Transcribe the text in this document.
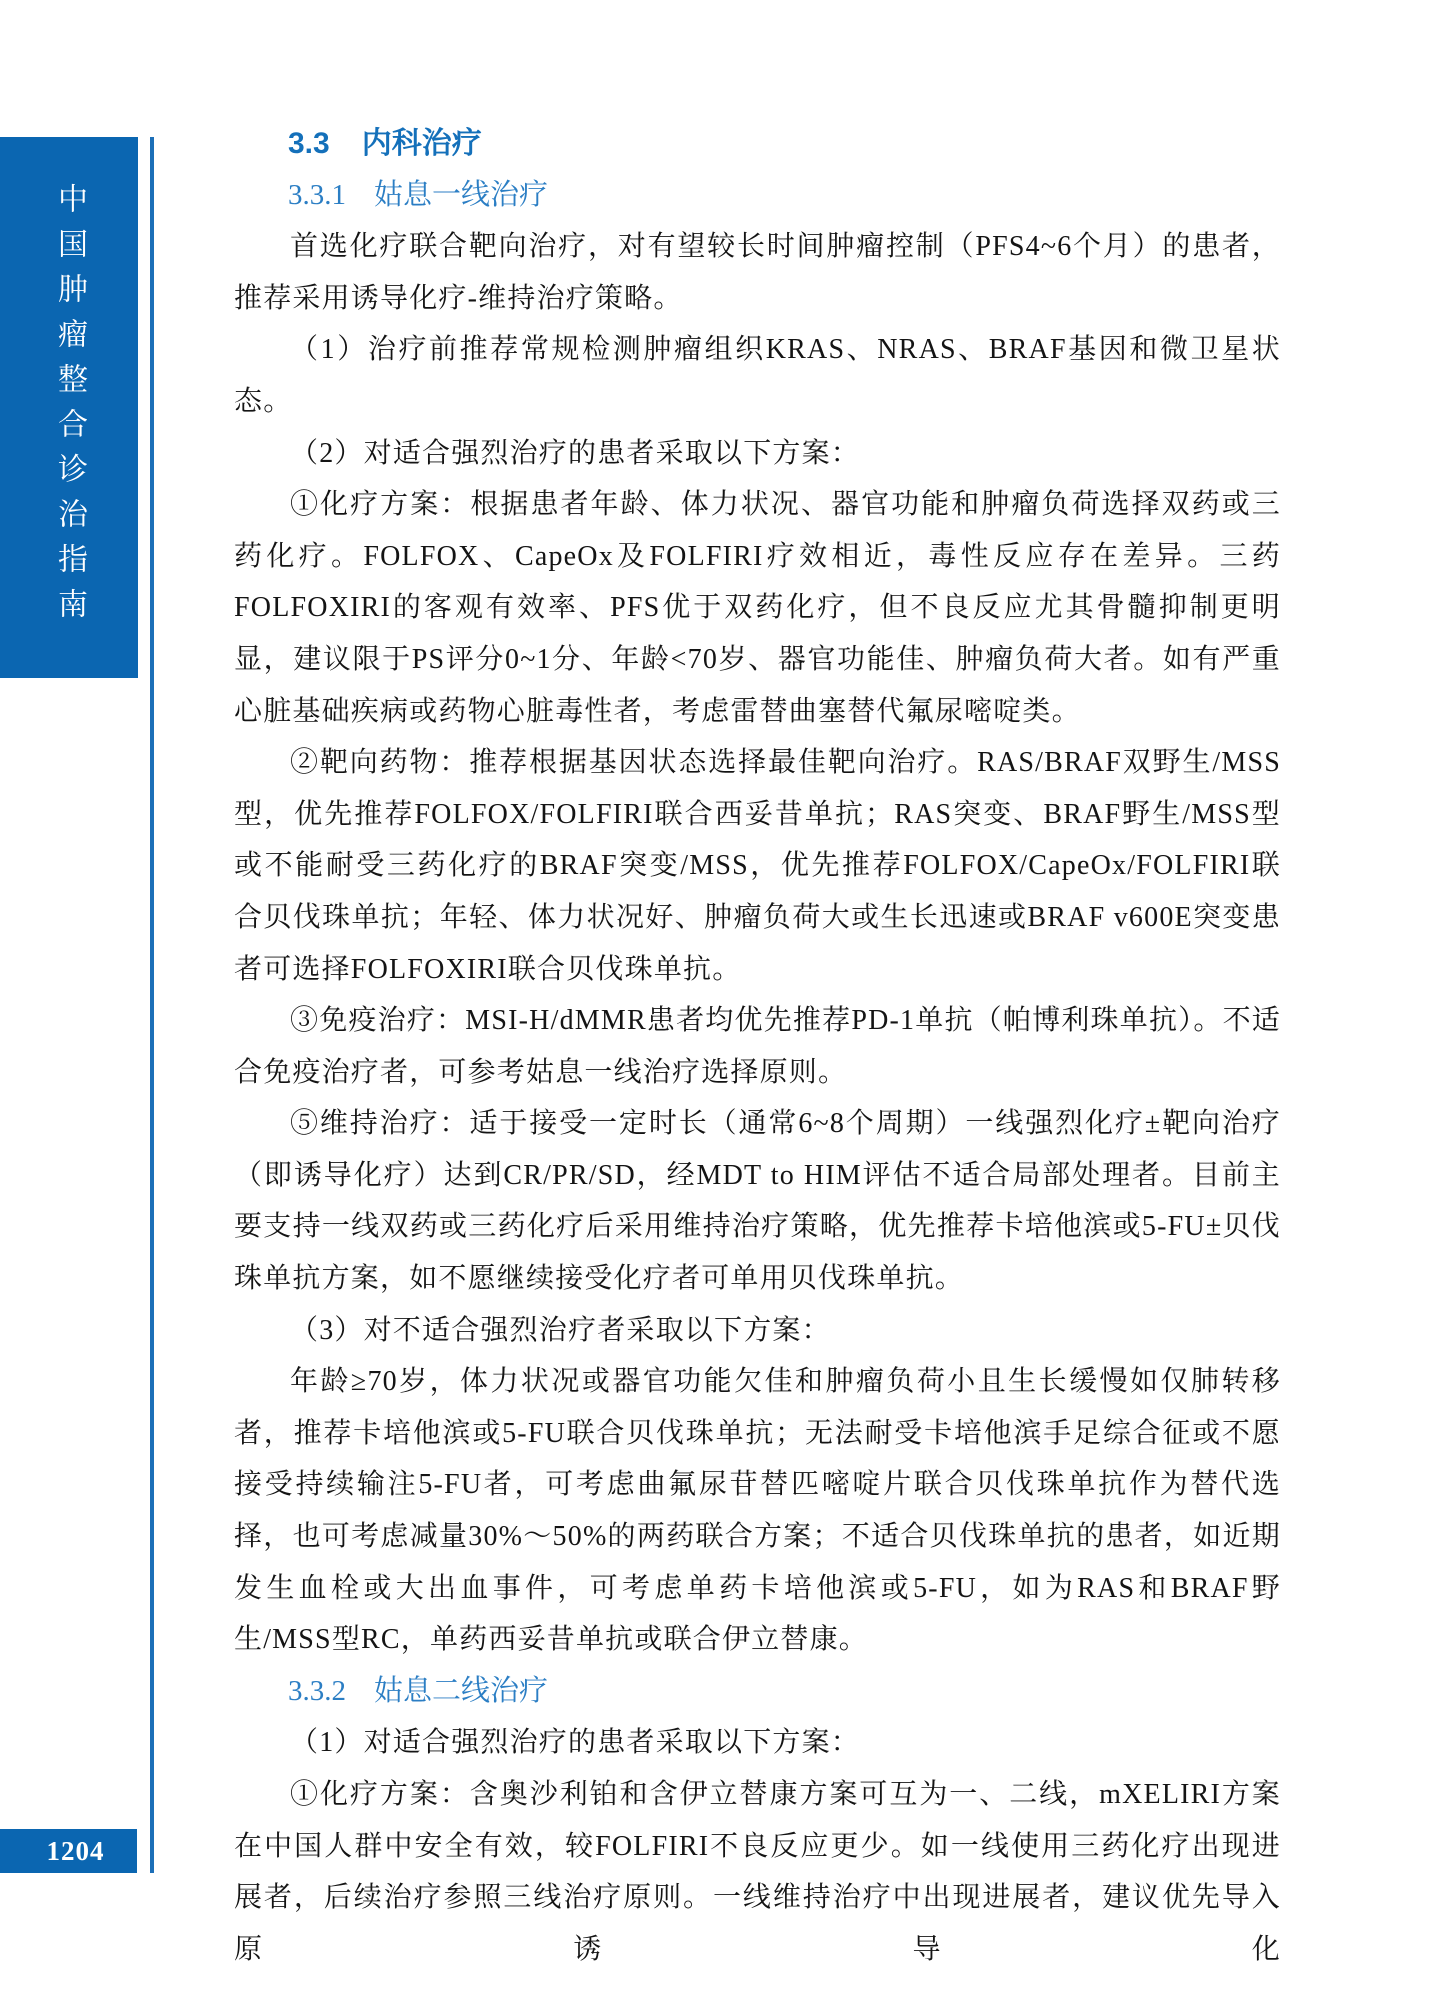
中国肿瘤整合诊治指南
1204
3.3 内科治疗
3.3.1 姑息一线治疗

首选化疗联合靶向治疗，对有望较长时间肿瘤控制（PFS4~6个月）的患者，推荐采用诱导化疗-维持治疗策略。

（1）治疗前推荐常规检测肿瘤组织KRAS、NRAS、BRAF基因和微卫星状态。

（2）对适合强烈治疗的患者采取以下方案：

①化疗方案：根据患者年龄、体力状况、器官功能和肿瘤负荷选择双药或三药化疗。FOLFOX、CapeOx及FOLFIRI疗效相近，毒性反应存在差异。三药FOLFOXIRI的客观有效率、PFS优于双药化疗，但不良反应尤其骨髓抑制更明显，建议限于PS评分0~1分、年龄<70岁、器官功能佳、肿瘤负荷大者。如有严重心脏基础疾病或药物心脏毒性者，考虑雷替曲塞替代氟尿嘧啶类。

②靶向药物：推荐根据基因状态选择最佳靶向治疗。RAS/BRAF双野生/MSS型，优先推荐FOLFOX/FOLFIRI联合西妥昔单抗；RAS突变、BRAF野生/MSS型或不能耐受三药化疗的BRAF突变/MSS，优先推荐FOLFOX/CapeOx/FOLFIRI联合贝伐珠单抗；年轻、体力状况好、肿瘤负荷大或生长迅速或BRAF v600E突变患者可选择FOLFOXIRI联合贝伐珠单抗。

③免疫治疗：MSI-H/dMMR患者均优先推荐PD-1单抗（帕博利珠单抗）。不适合免疫治疗者，可参考姑息一线治疗选择原则。

⑤维持治疗：适于接受一定时长（通常6~8个周期）一线强烈化疗±靶向治疗（即诱导化疗）达到CR/PR/SD，经MDT to HIM评估不适合局部处理者。目前主要支持一线双药或三药化疗后采用维持治疗策略，优先推荐卡培他滨或5-FU±贝伐珠单抗方案，如不愿继续接受化疗者可单用贝伐珠单抗。

（3）对不适合强烈治疗者采取以下方案：

年龄≥70岁，体力状况或器官功能欠佳和肿瘤负荷小且生长缓慢如仅肺转移者，推荐卡培他滨或5-FU联合贝伐珠单抗；无法耐受卡培他滨手足综合征或不愿接受持续输注5-FU者，可考虑曲氟尿苷替匹嘧啶片联合贝伐珠单抗作为替代选择，也可考虑减量30%～50%的两药联合方案；不适合贝伐珠单抗的患者，如近期发生血栓或大出血事件，可考虑单药卡培他滨或5-FU，如为RAS和BRAF野生/MSS型RC，单药西妥昔单抗或联合伊立替康。

3.3.2 姑息二线治疗

（1）对适合强烈治疗的患者采取以下方案：

①化疗方案：含奥沙利铂和含伊立替康方案可互为一、二线，mXELIRI方案在中国人群中安全有效，较FOLFIRI不良反应更少。如一线使用三药化疗出现进展者，后续治疗参照三线治疗原则。一线维持治疗中出现进展者，建议优先导入原诱导化
